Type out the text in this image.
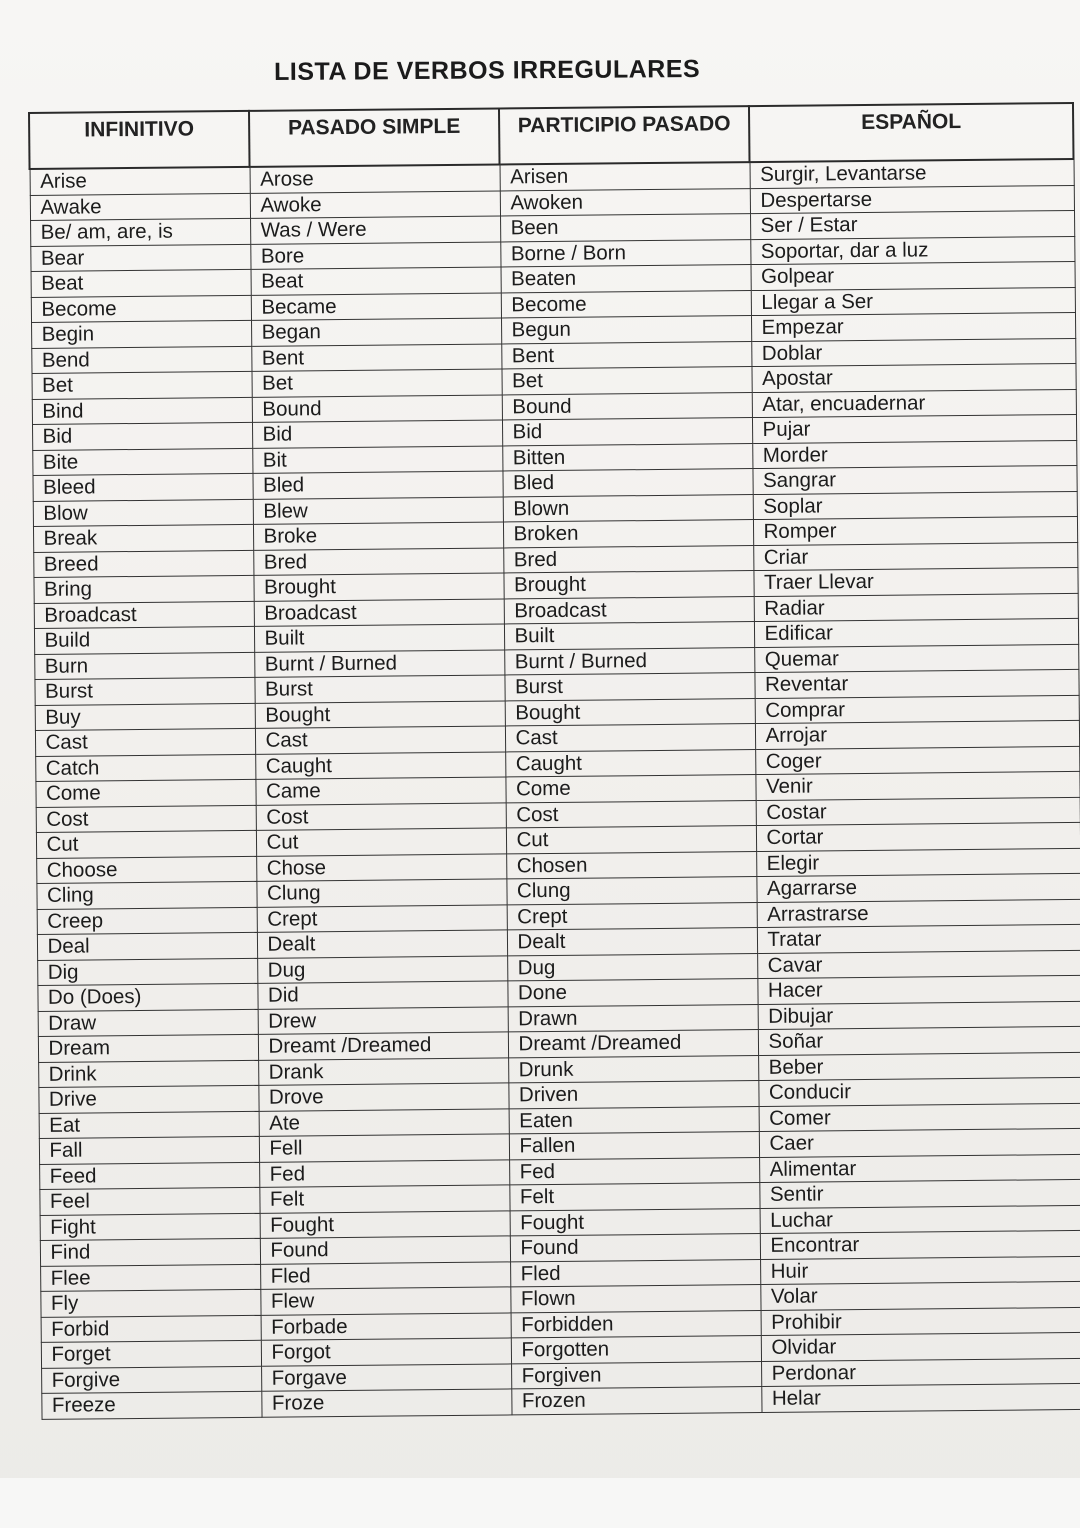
LISTA DE VERBOS IRREGULARES
INFINITIVO	PASADO SIMPLE	PARTICIPIO PASADO	ESPAÑOL
Arise	Arose	Arisen	Surgir, Levantarse
Awake	Awoke	Awoken	Despertarse
Be/ am, are, is	Was / Were	Been	Ser / Estar
Bear	Bore	Borne / Born	Soportar, dar a luz
Beat	Beat	Beaten	Golpear
Become	Became	Become	Llegar a Ser
Begin	Began	Begun	Empezar
Bend	Bent	Bent	Doblar
Bet	Bet	Bet	Apostar
Bind	Bound	Bound	Atar, encuadernar
Bid	Bid	Bid	Pujar
Bite	Bit	Bitten	Morder
Bleed	Bled	Bled	Sangrar
Blow	Blew	Blown	Soplar
Break	Broke	Broken	Romper
Breed	Bred	Bred	Criar
Bring	Brought	Brought	Traer Llevar
Broadcast	Broadcast	Broadcast	Radiar
Build	Built	Built	Edificar
Burn	Burnt / Burned	Burnt / Burned	Quemar
Burst	Burst	Burst	Reventar
Buy	Bought	Bought	Comprar
Cast	Cast	Cast	Arrojar
Catch	Caught	Caught	Coger
Come	Came	Come	Venir
Cost	Cost	Cost	Costar
Cut	Cut	Cut	Cortar
Choose	Chose	Chosen	Elegir
Cling	Clung	Clung	Agarrarse
Creep	Crept	Crept	Arrastrarse
Deal	Dealt	Dealt	Tratar
Dig	Dug	Dug	Cavar
Do (Does)	Did	Done	Hacer
Draw	Drew	Drawn	Dibujar
Dream	Dreamt /Dreamed	Dreamt /Dreamed	Soñar
Drink	Drank	Drunk	Beber
Drive	Drove	Driven	Conducir
Eat	Ate	Eaten	Comer
Fall	Fell	Fallen	Caer
Feed	Fed	Fed	Alimentar
Feel	Felt	Felt	Sentir
Fight	Fought	Fought	Luchar
Find	Found	Found	Encontrar
Flee	Fled	Fled	Huir
Fly	Flew	Flown	Volar
Forbid	Forbade	Forbidden	Prohibir
Forget	Forgot	Forgotten	Olvidar
Forgive	Forgave	Forgiven	Perdonar
Freeze	Froze	Frozen	Helar
